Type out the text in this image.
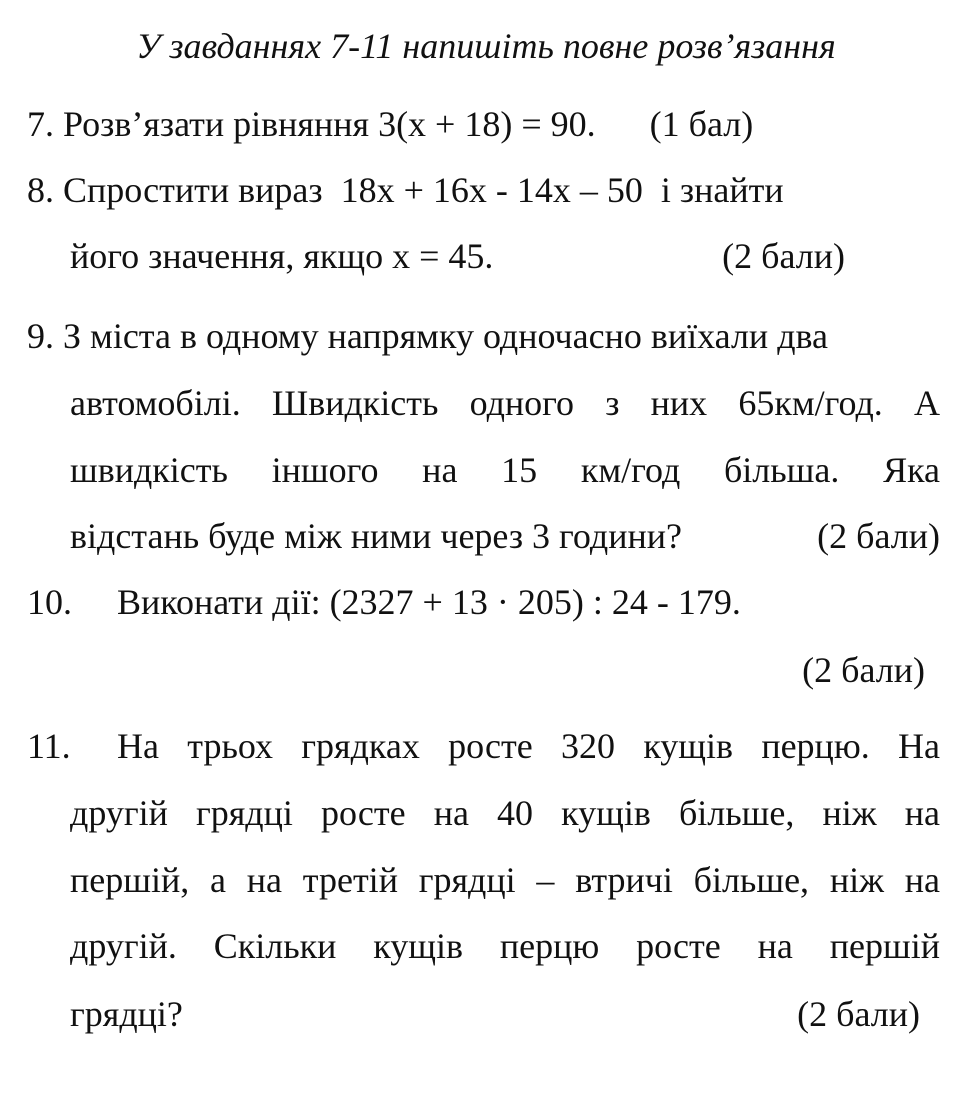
У завданнях 7-11 напишіть повне розв’язання
7. Розв’язати рівняння 3(х + 18) = 90. (1 бал)
8. Спростити вираз  18х + 16х - 14х – 50  і знайти
його значення, якщо х = 45.	(2 бали)
9. З міста в одному напрямку одночасно виїхали два
автомобілі. Швидкість одного з них 65км/год. А
швидкість іншого на 15 км/год більша. Яка
відстань буде між ними через 3 години?	(2 бали)
10. Виконати дії: (2327 + 13 · 205) : 24 - 179.
(2 бали)
11. На трьох грядках росте 320 кущів перцю. На
другій грядці росте на 40 кущів більше, ніж на
першій, а на третій грядці – втричі більше, ніж на
другій. Скільки кущів перцю росте на першій
грядці?	(2 бали)
